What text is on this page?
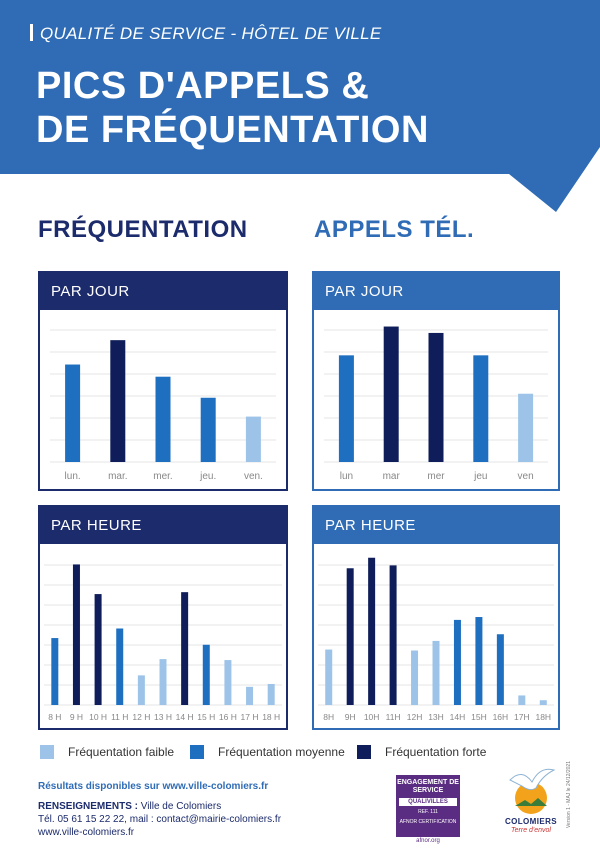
QUALITÉ DE SERVICE - HÔTEL DE VILLE
PICS D'APPELS &
DE FRÉQUENTATION
FRÉQUENTATION	APPELS TÉL.
PAR JOUR
lun.	mar.	mer.	jeu.	ven.
PAR JOUR
lun	mar	mer	jeu	ven
PAR HEURE
8 H 9 H 10 H 11 H 12 H 13 H 14 H 15 H 16 H 17 H 18 H
PAR HEURE
8H 9H 10H 11H 12H 13H 14H 15H 16H 17H 18H
Fréquentation faible	Fréquentation moyenne	Fréquentation forte
Résultats disponibles sur www.ville-colomiers.fr
RENSEIGNEMENTS : Ville de Colomiers
Tél. 05 61 15 22 22, mail : contact@mairie-colomiers.fr
www.ville-colomiers.fr
ENGAGEMENT DE SERVICE
QUALIVILLES
REF. 111
AFNOR CERTIFICATION
afnor.org
COLOMIERS
Terre d'envol
Version 1 - MAJ le 24/12/2021
